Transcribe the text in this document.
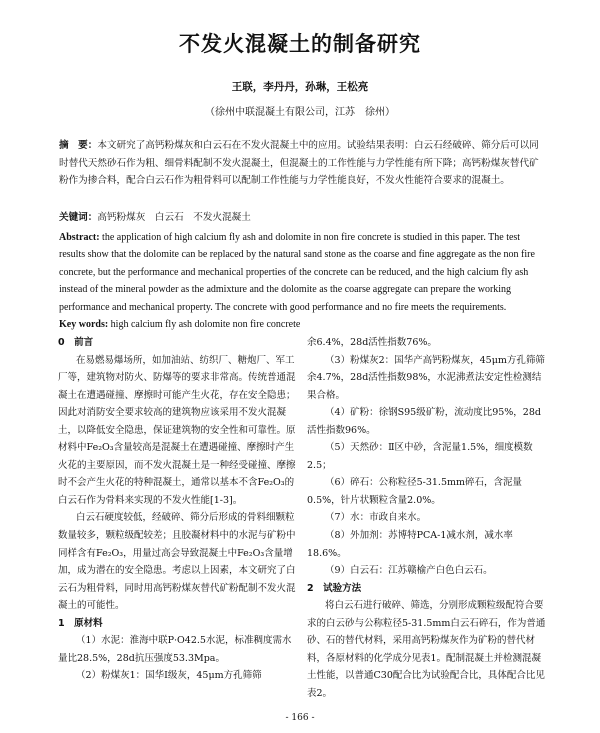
不发火混凝土的制备研究
王联，李丹丹，孙琳，王松亮
（徐州中联混凝土有限公司，江苏　徐州）
摘　要：本文研究了高钙粉煤灰和白云石在不发火混凝土中的应用。试验结果表明：白云石经破碎、筛分后可以同时替代天然砂石作为粗、细骨料配制不发火混凝土，但混凝土的工作性能与力学性能有所下降；高钙粉煤灰替代矿粉作为掺合料，配合白云石作为粗骨料可以配制工作性能与力学性能良好，不发火性能符合要求的混凝土。
关键词：高钙粉煤灰　白云石　不发火混凝土
Abstract: the application of high calcium fly ash and dolomite in non fire concrete is studied in this paper. The test results show that the dolomite can be replaced by the natural sand stone as the coarse and fine aggregate as the non fire concrete, but the performance and mechanical properties of the concrete can be reduced, and the high calcium fly ash instead of the mineral powder as the admixture and the dolomite as the coarse aggregate can prepare the working performance and mechanical property. The concrete with good performance and no fire meets the requirements.
Key words: high calcium fly ash dolomite non fire concrete

0　前言

在易燃易爆场所，如加油站、纺织厂、糖炮厂、军工厂等，建筑物对防火、防爆等的要求非常高。传统普通混凝土在遭遇碰撞、摩擦时可能产生火花，存在安全隐患；因此对消防安全要求较高的建筑物应该采用不发火混凝土，以降低安全隐患，保证建筑物的安全性和可靠性。原材料中Fe₂O₃含量较高是混凝土在遭遇碰撞、摩擦时产生火花的主要原因，而不发火混凝土是一种经受碰撞、摩擦时不会产生火花的特种混凝土，通常以基本不含Fe₂O₃的白云石作为骨料来实现的不发火性能[1-3]。

白云石硬度较低，经破碎、筛分后形成的骨料细颗粒数量较多，颗粒级配较差；且胶凝材料中的水泥与矿粉中同样含有Fe₂O₃，用量过高会导致混凝土中Fe₂O₃含量增加，成为潜在的安全隐患。考虑以上因素，本文研究了白云石为粗骨料，同时用高钙粉煤灰替代矿粉配制不发火混凝土的可能性。

1　原材料

（1）水泥：淮海中联P·O42.5水泥，标准稠度需水量比28.5%，28d抗压强度53.3Mpa。

（2）粉煤灰1：国华Ⅰ级灰，45μm方孔筛筛

余6.4%，28d活性指数76%。

（3）粉煤灰2：国华产高钙粉煤灰，45μm方孔筛筛余4.7%，28d活性指数98%，水泥沸煮法安定性检测结果合格。

（4）矿粉：徐钢S95级矿粉，流动度比95%，28d活性指数96%。

（5）天然砂：Ⅱ区中砂，含泥量1.5%，细度模数2.5；

（6）碎石：公称粒径5-31.5mm碎石，含泥量0.5%，针片状颗粒含量2.0%。

（7）水：市政自来水。

（8）外加剂：苏博特PCA-1减水剂，减水率18.6%。

（9）白云石：江苏赣榆产白色白云石。

2　试验方法

将白云石进行破碎、筛选，分别形成颗粒级配符合要求的白云砂与公称粒径5-31.5mm白云石碎石，作为普通砂、石的替代材料，采用高钙粉煤灰作为矿粉的替代材料，各原材料的化学成分见表1。配制混凝土并检测混凝土性能，以普通C30配合比为试验配合比，具体配合比见表2。

- 166 -
